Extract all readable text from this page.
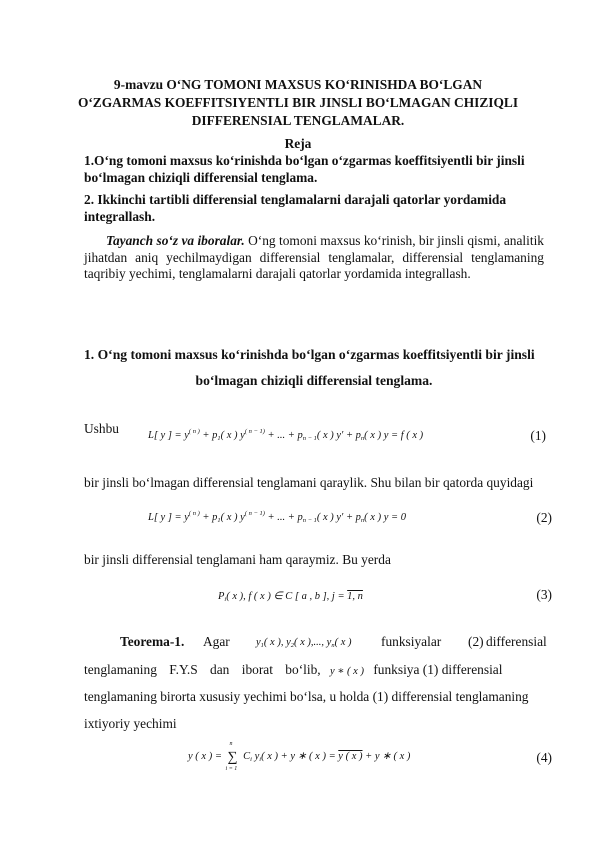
9-mavzu O‘NG TOMONI MAXSUS KO‘RINISHDA BO‘LGAN
O‘ZGARMAS KOEFFITSIYENTLI BIR JINSLI BO‘LMAGAN CHIZIQLI
DIFFERENSIAL TENGLAMALAR.
Reja
1.O‘ng tomoni maxsus ko‘rinishda bo‘lgan o‘zgarmas koeffitsiyentli bir jinsli bo‘lmagan chiziqli differensial tenglama.
2. Ikkinchi tartibli differensial tenglamalarni darajali qatorlar yordamida integrallash.
Tayanch so‘z va iboralar. O‘ng tomoni maxsus ko‘rinish, bir jinsli qismi, analitik jihatdan aniq yechilmaydigan differensial tenglamalar, differensial tenglamaning taqribiy yechimi, tenglamalarni darajali qatorlar yordamida integrallash.
1. O‘ng tomoni maxsus ko‘rinishda bo‘lgan o‘zgarmas koeffitsiyentli bir jinsli
bo‘lmagan chiziqli differensial tenglama.
Ushbu	L[ y ] = $y^{( n )} + p_1$( x ) $y^{( n - 1)}$ + ... + $p_{n - 1}$( x ) $y' + p_n$( x ) y = f ( x )	(1)
bir jinsli bo‘lmagan differensial tenglamani qaraylik. Shu bilan bir qatorda quyidagi
L[ y ] = $y^{( n )} + p_1$( x ) $y^{( n - 1)}$ + ... + $p_{n - 1}$( x ) $y' + p_n$( x ) y = 0	(2)
bir jinsli differensial tenglamani ham qaraymiz. Bu yerda
$P_i$( x ), f ( x ) ∈ C [ a , b ], j = 1, n	(3)
Teorema-1. Agar $y_1$( x ), $y_2$( x ),..., $y_n$( x ) funksiyalar (2) differensial
tenglamaning F.Y.S dan iborat bo‘lib, y ∗ ( x ) funksiya (1) differensial
tenglamaning birorta xususiy yechimi bo‘lsa, u holda (1) differensial tenglamaning
ixtiyoriy yechimi
y ( x ) = ∑
n
i = 1
$C_i$ $y_i$( x ) + y ∗ ( x ) = y ( x ) + y ∗ ( x )	(4)
